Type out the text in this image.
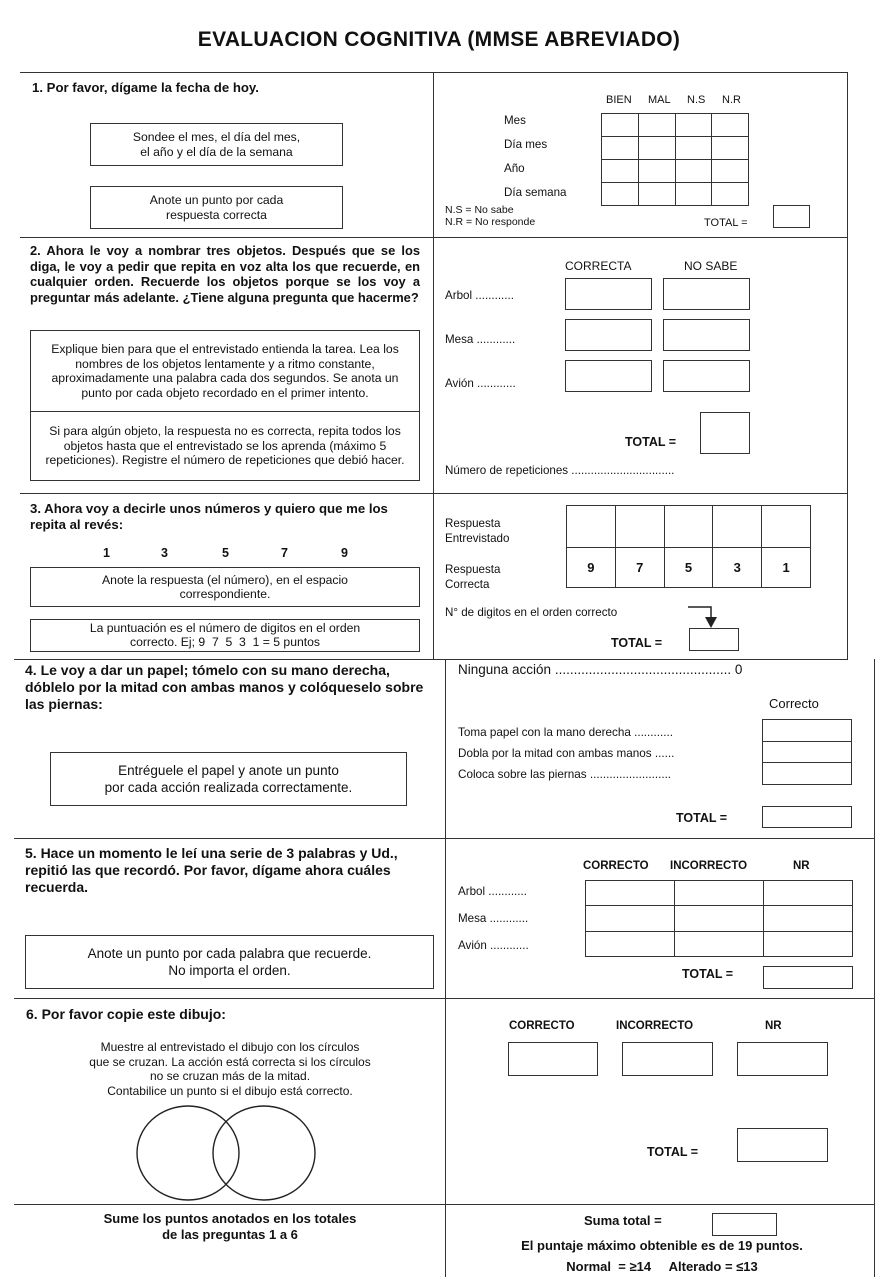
EVALUACION COGNITIVA (MMSE ABREVIADO)
1. Por favor, dígame la fecha de hoy.
Sondee el mes, el día del mes,
el año y el día de la semana
Anote un punto por cada
respuesta correcta
BIEN MAL N.S N.R
Mes
Día mes
Año
Día semana

N.S = No sabe
N.R = No responde	TOTAL =
2. Ahora le voy a nombrar tres objetos. Después que se los diga, le voy a pedir que repita en voz alta los que recuerde, en cualquier orden. Recuerde los objetos porque se los voy a preguntar más adelante. ¿Tiene alguna pregunta que hacerme?
Explique bien para que el entrevistado entienda la tarea. Lea los nombres de los objetos lentamente y a ritmo constante, aproximadamente una palabra cada dos segundos. Se anota un punto por cada objeto recordado en el primer intento.
Si para algún objeto, la respuesta no es correcta, repita todos los objetos hasta que el entrevistado se los aprenda (máximo 5 repeticiones). Registre el número de repeticiones que debió hacer.
CORRECTA	NO SABE
Arbol ............
Mesa ............
Avión ............
TOTAL =
Número de repeticiones ................................
3. Ahora voy a decirle unos números y quiero que me los repita al revés:
1	3	5	7	9
Anote la respuesta (el número), en el espacio correspondiente.
La puntuación es el número de digitos en el orden
correcto. Ej; 9  7  5  3  1 = 5 puntos
Respuesta
Entrevistado
Respuesta
Correcta

9	7	5	3	1
N° de digitos en el orden correcto
TOTAL =
4. Le voy a dar un papel; tómelo con su mano derecha, dóblelo por la mitad con ambas manos y colóqueselo sobre las piernas:
Entréguele el papel y anote un punto
por cada acción realizada correctamente.
Ninguna acción ............................................... 0
Correcto
Toma papel con la mano derecha ............
Dobla por la mitad con ambas manos ......
Coloca sobre las piernas .........................

TOTAL =
5. Hace un momento le leí una serie de 3 palabras y Ud., repitió las que recordó. Por favor, dígame ahora cuáles recuerda.
Anote un punto por cada palabra que recuerde.
No importa el orden.
CORRECTO INCORRECTO	NR
Arbol ............
Mesa ............
Avión ............

TOTAL =
6. Por favor copie este dibujo:
Muestre al entrevistado el dibujo con los círculos
que se cruzan. La acción está correcta si los círculos
no se cruzan más de la mitad.
Contabilice un punto si el dibujo está correcto.
CORRECTO	INCORRECTO	NR
TOTAL =
Sume los puntos anotados en los totales
de las preguntas 1 a 6
Suma total =
El puntaje máximo obtenible es de 19 puntos.
Normal  = ≥14     Alterado = ≤13
